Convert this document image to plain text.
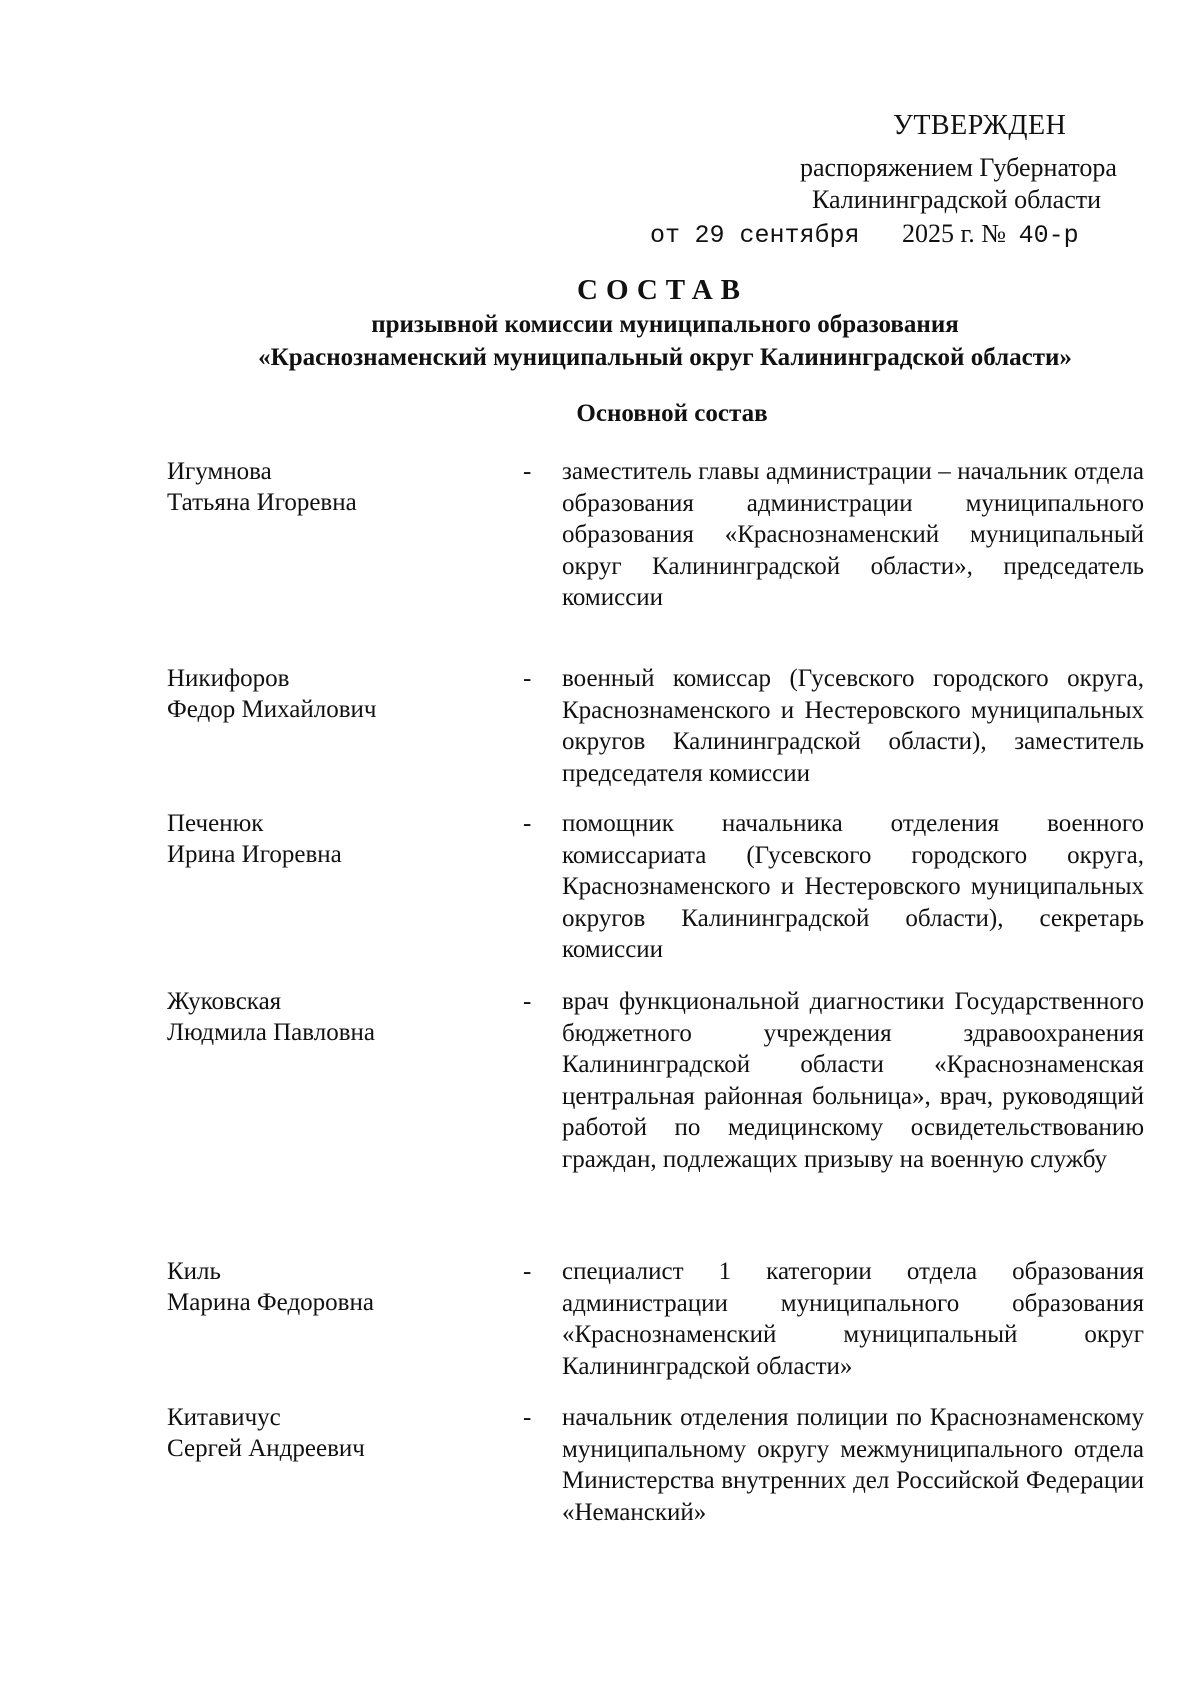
УТВЕРЖДЕН
распоряжением Губернатора
Калининградской области
от 29 сентября 2025 г. № 40-р
СОСТАВ
призывной комиссии муниципального образования
«Краснознаменский муниципальный округ Калининградской области»
Основной состав
Игумнова
Татьяна Игоревна
- заместитель главы администрации – начальник отдела образования администрации муниципального образования «Краснознаменский муниципальный округ Калининградской области», председатель комиссии
Никифоров
Федор Михайлович
- военный комиссар (Гусевского городского округа, Краснознаменского и Нестеровского муниципальных округов Калининградской области), заместитель председателя комиссии
Печенюк
Ирина Игоревна
- помощник начальника отделения военного комиссариата (Гусевского городского округа, Краснознаменского и Нестеровского муниципальных округов Калининградской области), секретарь комиссии
Жуковская
Людмила Павловна
- врач функциональной диагностики Государственного бюджетного учреждения здравоохранения Калининградской области «Краснознаменская центральная районная больница», врач, руководящий работой по медицинскому освидетельствованию граждан, подлежащих призыву на военную службу
Киль
Марина Федоровна
- специалист 1 категории отдела образования администрации муниципального образования «Краснознаменский муниципальный округ Калининградской области»
Китавичус
Сергей Андреевич
- начальник отделения полиции по Краснознаменскому муниципальному округу межмуниципального отдела Министерства внутренних дел Российской Федерации «Неманский»
